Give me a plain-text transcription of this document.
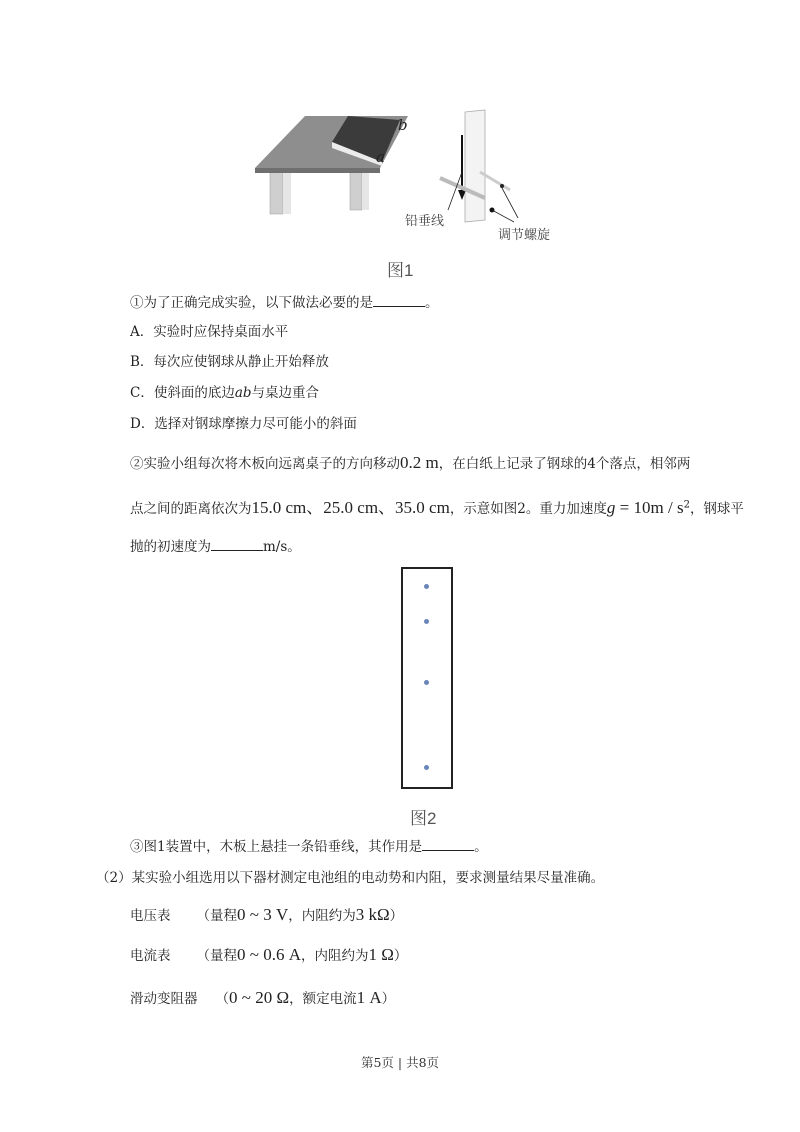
b
a
铅垂线
调节螺旋
图1
①为了正确完成实验，以下做法必要的是	。
A．实验时应保持桌面水平
B．每次应使钢球从静止开始释放
C．使斜面的底边ab与桌边重合
D．选择对钢球摩擦力尽可能小的斜面
②实验小组每次将木板向远离桌子的方向移动0.2 m，在白纸上记录了钢球的4个落点，相邻两
点之间的距离依次为15.0 cm、25.0 cm、35.0 cm，示意如图2。重力加速度$g = 10m / s^2$，钢球平
抛的初速度为	m/s。
图2
③图1装置中，木板上悬挂一条铅垂线，其作用是	。
（2）某实验小组选用以下器材测定电池组的电动势和内阻，要求测量结果尽量准确。
电压表 （量程0 ~ 3 V，内阻约为3 kΩ）
电流表 （量程0 ~ 0.6 A，内阻约为1 Ω）
滑动变阻器 （0 ~ 20 Ω，额定电流1 A）
第5页 | 共8页
